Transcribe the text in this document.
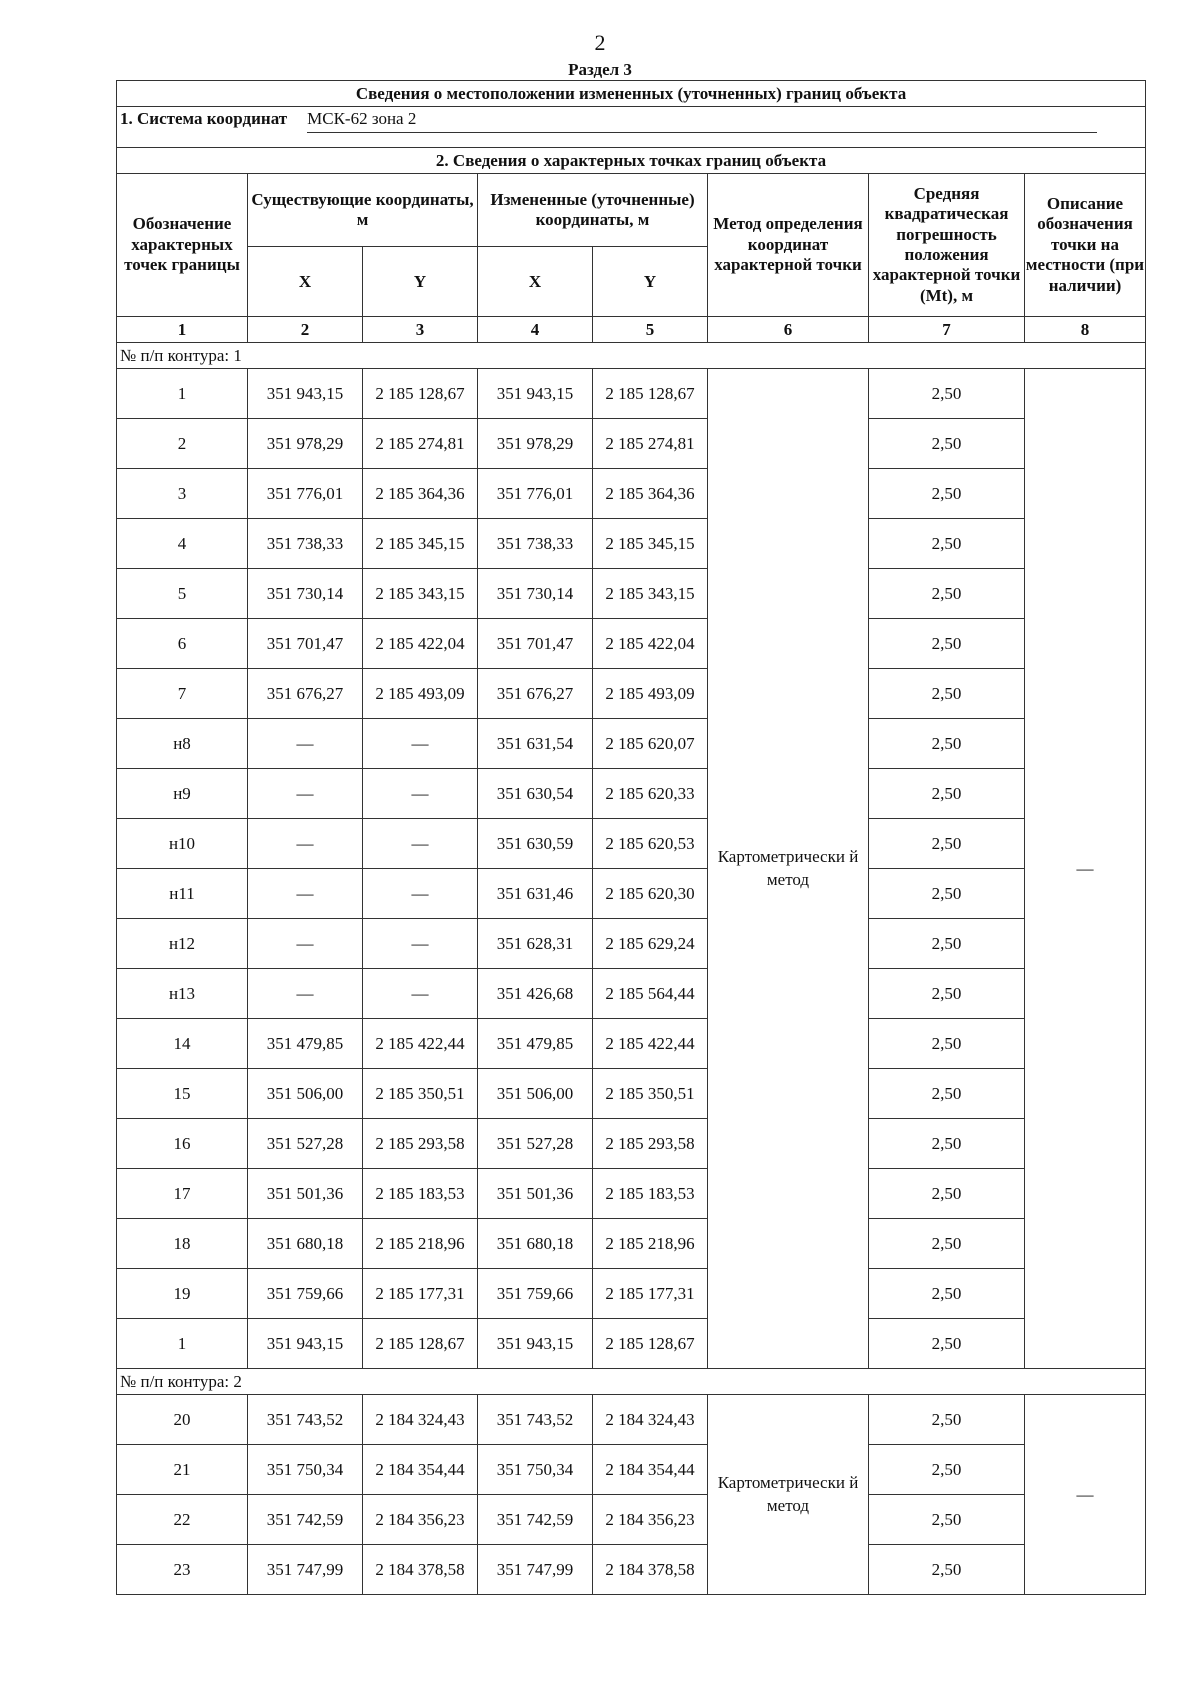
2
Раздел 3
Сведения о местоположении измененных (уточненных) границ объекта							
1. Система координат МСК-62 зона 2							
2. Сведения о характерных точках границ объекта							
Обозначение характерных точек границы	Существующие координаты, м		Измененные (уточненные) координаты, м		Метод определения координат характерной точки	Средняя квадратическая погрешность положения характерной точки (Mt), м	Описание обозначения точки на местности (при наличии)
	X	Y	X	Y			
1	2	3	4	5	6	7	8
№ п/п контура: 1							
1	351 943,15	2 185 128,67	351 943,15	2 185 128,67	Картометрически й метод	2,50	—
2	351 978,29	2 185 274,81	351 978,29	2 185 274,81		2,50	
3	351 776,01	2 185 364,36	351 776,01	2 185 364,36		2,50	
4	351 738,33	2 185 345,15	351 738,33	2 185 345,15		2,50	
5	351 730,14	2 185 343,15	351 730,14	2 185 343,15		2,50	
6	351 701,47	2 185 422,04	351 701,47	2 185 422,04		2,50	
7	351 676,27	2 185 493,09	351 676,27	2 185 493,09		2,50	
н8	—	—	351 631,54	2 185 620,07		2,50	
н9	—	—	351 630,54	2 185 620,33		2,50	
н10	—	—	351 630,59	2 185 620,53		2,50	
н11	—	—	351 631,46	2 185 620,30		2,50	
н12	—	—	351 628,31	2 185 629,24		2,50	
н13	—	—	351 426,68	2 185 564,44		2,50	
14	351 479,85	2 185 422,44	351 479,85	2 185 422,44		2,50	
15	351 506,00	2 185 350,51	351 506,00	2 185 350,51		2,50	
16	351 527,28	2 185 293,58	351 527,28	2 185 293,58		2,50	
17	351 501,36	2 185 183,53	351 501,36	2 185 183,53		2,50	
18	351 680,18	2 185 218,96	351 680,18	2 185 218,96		2,50	
19	351 759,66	2 185 177,31	351 759,66	2 185 177,31		2,50	
1	351 943,15	2 185 128,67	351 943,15	2 185 128,67		2,50	
№ п/п контура: 2							
20	351 743,52	2 184 324,43	351 743,52	2 184 324,43	Картометрически й метод	2,50	—
21	351 750,34	2 184 354,44	351 750,34	2 184 354,44		2,50	
22	351 742,59	2 184 356,23	351 742,59	2 184 356,23		2,50	
23	351 747,99	2 184 378,58	351 747,99	2 184 378,58		2,50	
